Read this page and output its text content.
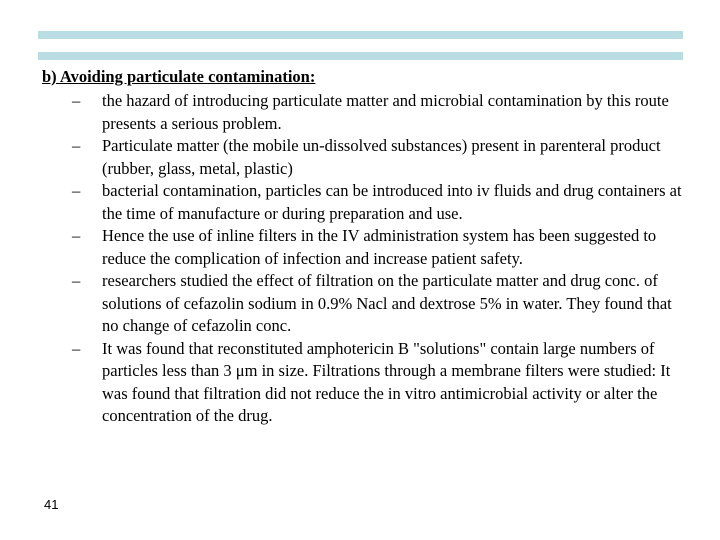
b) Avoiding particulate contamination:

– the hazard of introducing particulate matter and microbial contamination by this route presents a serious problem.
– Particulate matter (the mobile un-dissolved substances) present in parenteral product (rubber, glass, metal, plastic)
– bacterial contamination, particles can be introduced into iv fluids and drug containers at the time of manufacture or during preparation and use.
– Hence the use of inline filters in the IV administration system has been suggested to reduce the complication of infection and increase patient safety.
– researchers studied the effect of filtration on the particulate matter and drug conc. of solutions of cefazolin sodium in 0.9% Nacl and dextrose 5% in water. They found that no change of cefazolin conc.
– It was found that reconstituted amphotericin B "solutions" contain large numbers of particles less than 3 μm in size. Filtrations through a membrane filters were studied: It was found that filtration did not reduce the in vitro antimicrobial activity or alter the concentration of the drug.
41
